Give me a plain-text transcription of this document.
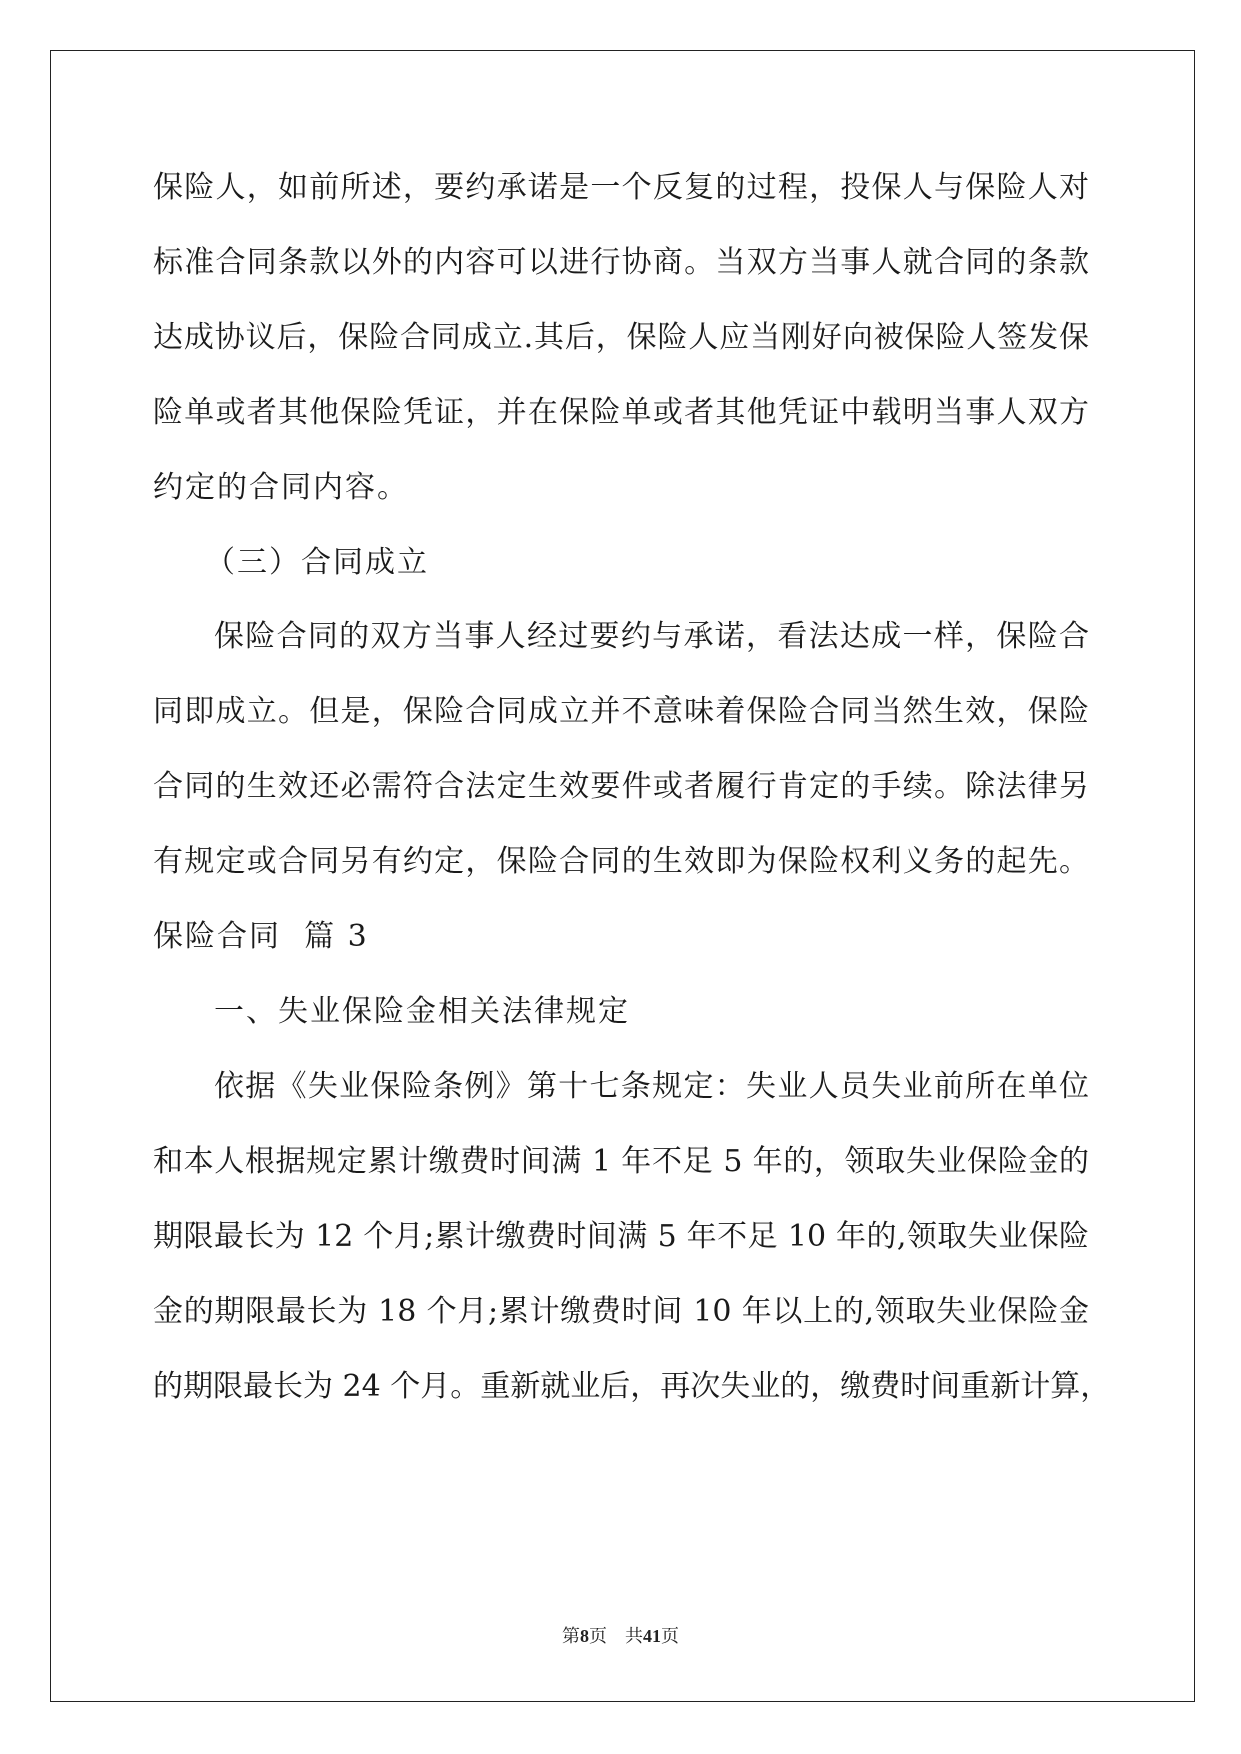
保险人，如前所述，要约承诺是一个反复的过程，投保人与保险人对
标准合同条款以外的内容可以进行协商。当双方当事人就合同的条款
达成协议后，保险合同成立.其后，保险人应当刚好向被保险人签发保
险单或者其他保险凭证，并在保险单或者其他凭证中载明当事人双方
约定的合同内容。
（三）合同成立
保险合同的双方当事人经过要约与承诺，看法达成一样，保险合
同即成立。但是，保险合同成立并不意味着保险合同当然生效，保险
合同的生效还必需符合法定生效要件或者履行肯定的手续。除法律另
有规定或合同另有约定，保险合同的生效即为保险权利义务的起先。
保险合同  篇 3
一、失业保险金相关法律规定
依据《失业保险条例》第十七条规定：失业人员失业前所在单位
和本人根据规定累计缴费时间满 1 年不足 5 年的，领取失业保险金的
期限最长为 12 个月;累计缴费时间满 5 年不足 10 年的,领取失业保险
金的期限最长为 18 个月;累计缴费时间 10 年以上的,领取失业保险金
的期限最长为 24 个月。重新就业后，再次失业的，缴费时间重新计算，
第8页　共41页
